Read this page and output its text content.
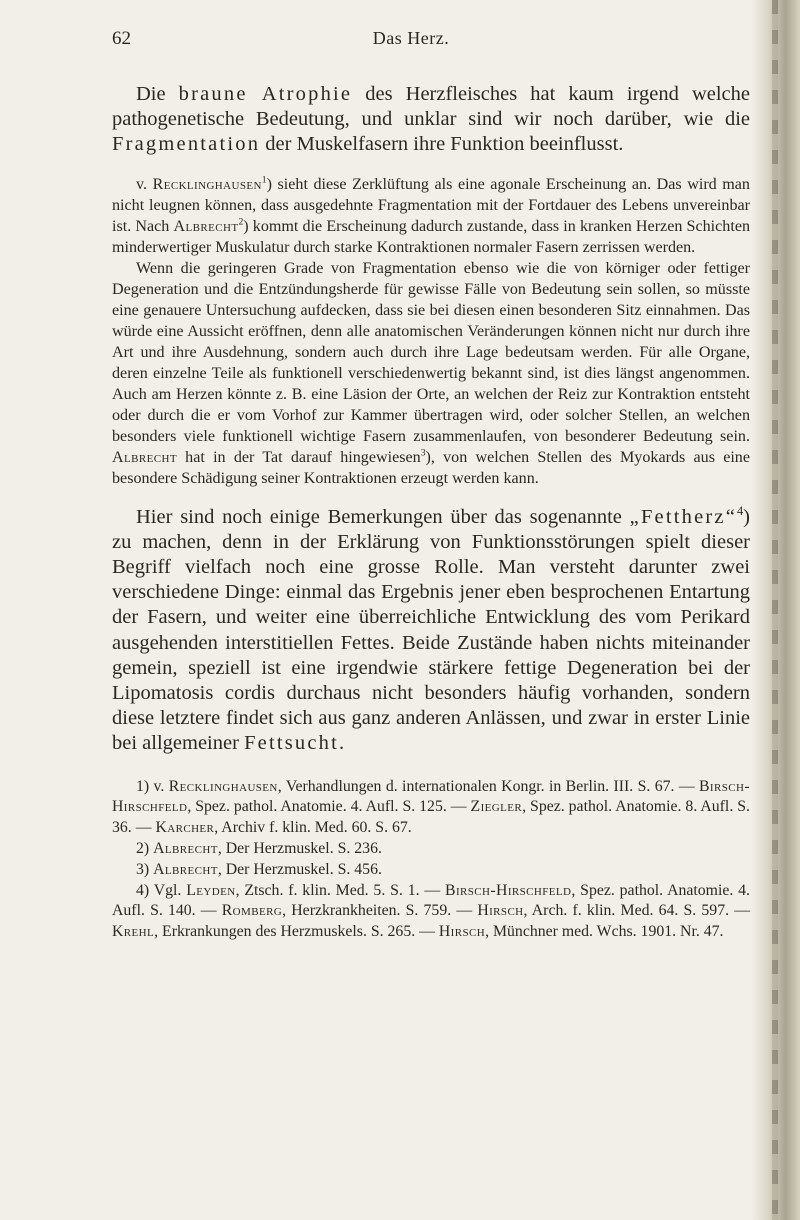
62	Das Herz.

Die braune Atrophie des Herzfleisches hat kaum irgend welche pathogenetische Bedeutung, und unklar sind wir noch darüber, wie die Fragmentation der Muskelfasern ihre Funktion beeinflusst.

v. Recklinghausen$^1$) sieht diese Zerklüftung als eine agonale Erscheinung an. Das wird man nicht leugnen können, dass ausgedehnte Fragmentation mit der Fortdauer des Lebens unvereinbar ist. Nach Albrecht$^2$) kommt die Erscheinung dadurch zustande, dass in kranken Herzen Schichten minderwertiger Muskulatur durch starke Kontraktionen normaler Fasern zerrissen werden.

Wenn die geringeren Grade von Fragmentation ebenso wie die von körniger oder fettiger Degeneration und die Entzündungsherde für gewisse Fälle von Bedeutung sein sollen, so müsste eine genauere Untersuchung aufdecken, dass sie bei diesen einen besonderen Sitz einnahmen. Das würde eine Aussicht eröffnen, denn alle anatomischen Veränderungen können nicht nur durch ihre Art und ihre Ausdehnung, sondern auch durch ihre Lage bedeutsam werden. Für alle Organe, deren einzelne Teile als funktionell verschiedenwertig bekannt sind, ist dies längst angenommen. Auch am Herzen könnte z. B. eine Läsion der Orte, an welchen der Reiz zur Kontraktion entsteht oder durch die er vom Vorhof zur Kammer übertragen wird, oder solcher Stellen, an welchen besonders viele funktionell wichtige Fasern zusammenlaufen, von besonderer Bedeutung sein. Albrecht hat in der Tat darauf hingewiesen$^3$), von welchen Stellen des Myokards aus eine besondere Schädigung seiner Kontraktionen erzeugt werden kann.

Hier sind noch einige Bemerkungen über das sogenannte „Fettherz“$^4$) zu machen, denn in der Erklärung von Funktionsstörungen spielt dieser Begriff vielfach noch eine grosse Rolle. Man versteht darunter zwei verschiedene Dinge: einmal das Ergebnis jener eben besprochenen Entartung der Fasern, und weiter eine überreichliche Entwicklung des vom Perikard ausgehenden interstitiellen Fettes. Beide Zustände haben nichts miteinander gemein, speziell ist eine irgendwie stärkere fettige Degeneration bei der Lipomatosis cordis durchaus nicht besonders häufig vorhanden, sondern diese letztere findet sich aus ganz anderen Anlässen, und zwar in erster Linie bei allgemeiner Fettsucht.

1) v. Recklinghausen, Verhandlungen d. internationalen Kongr. in Berlin. III. S. 67. — Birsch-Hirschfeld, Spez. pathol. Anatomie. 4. Aufl. S. 125. — Ziegler, Spez. pathol. Anatomie. 8. Aufl. S. 36. — Karcher, Archiv f. klin. Med. 60. S. 67.

2) Albrecht, Der Herzmuskel. S. 236.

3) Albrecht, Der Herzmuskel. S. 456.

4) Vgl. Leyden, Ztsch. f. klin. Med. 5. S. 1. — Birsch-Hirschfeld, Spez. pathol. Anatomie. 4. Aufl. S. 140. — Romberg, Herzkrankheiten. S. 759. — Hirsch, Arch. f. klin. Med. 64. S. 597. — Krehl, Erkrankungen des Herzmuskels. S. 265. — Hirsch, Münchner med. Wchs. 1901. Nr. 47.
